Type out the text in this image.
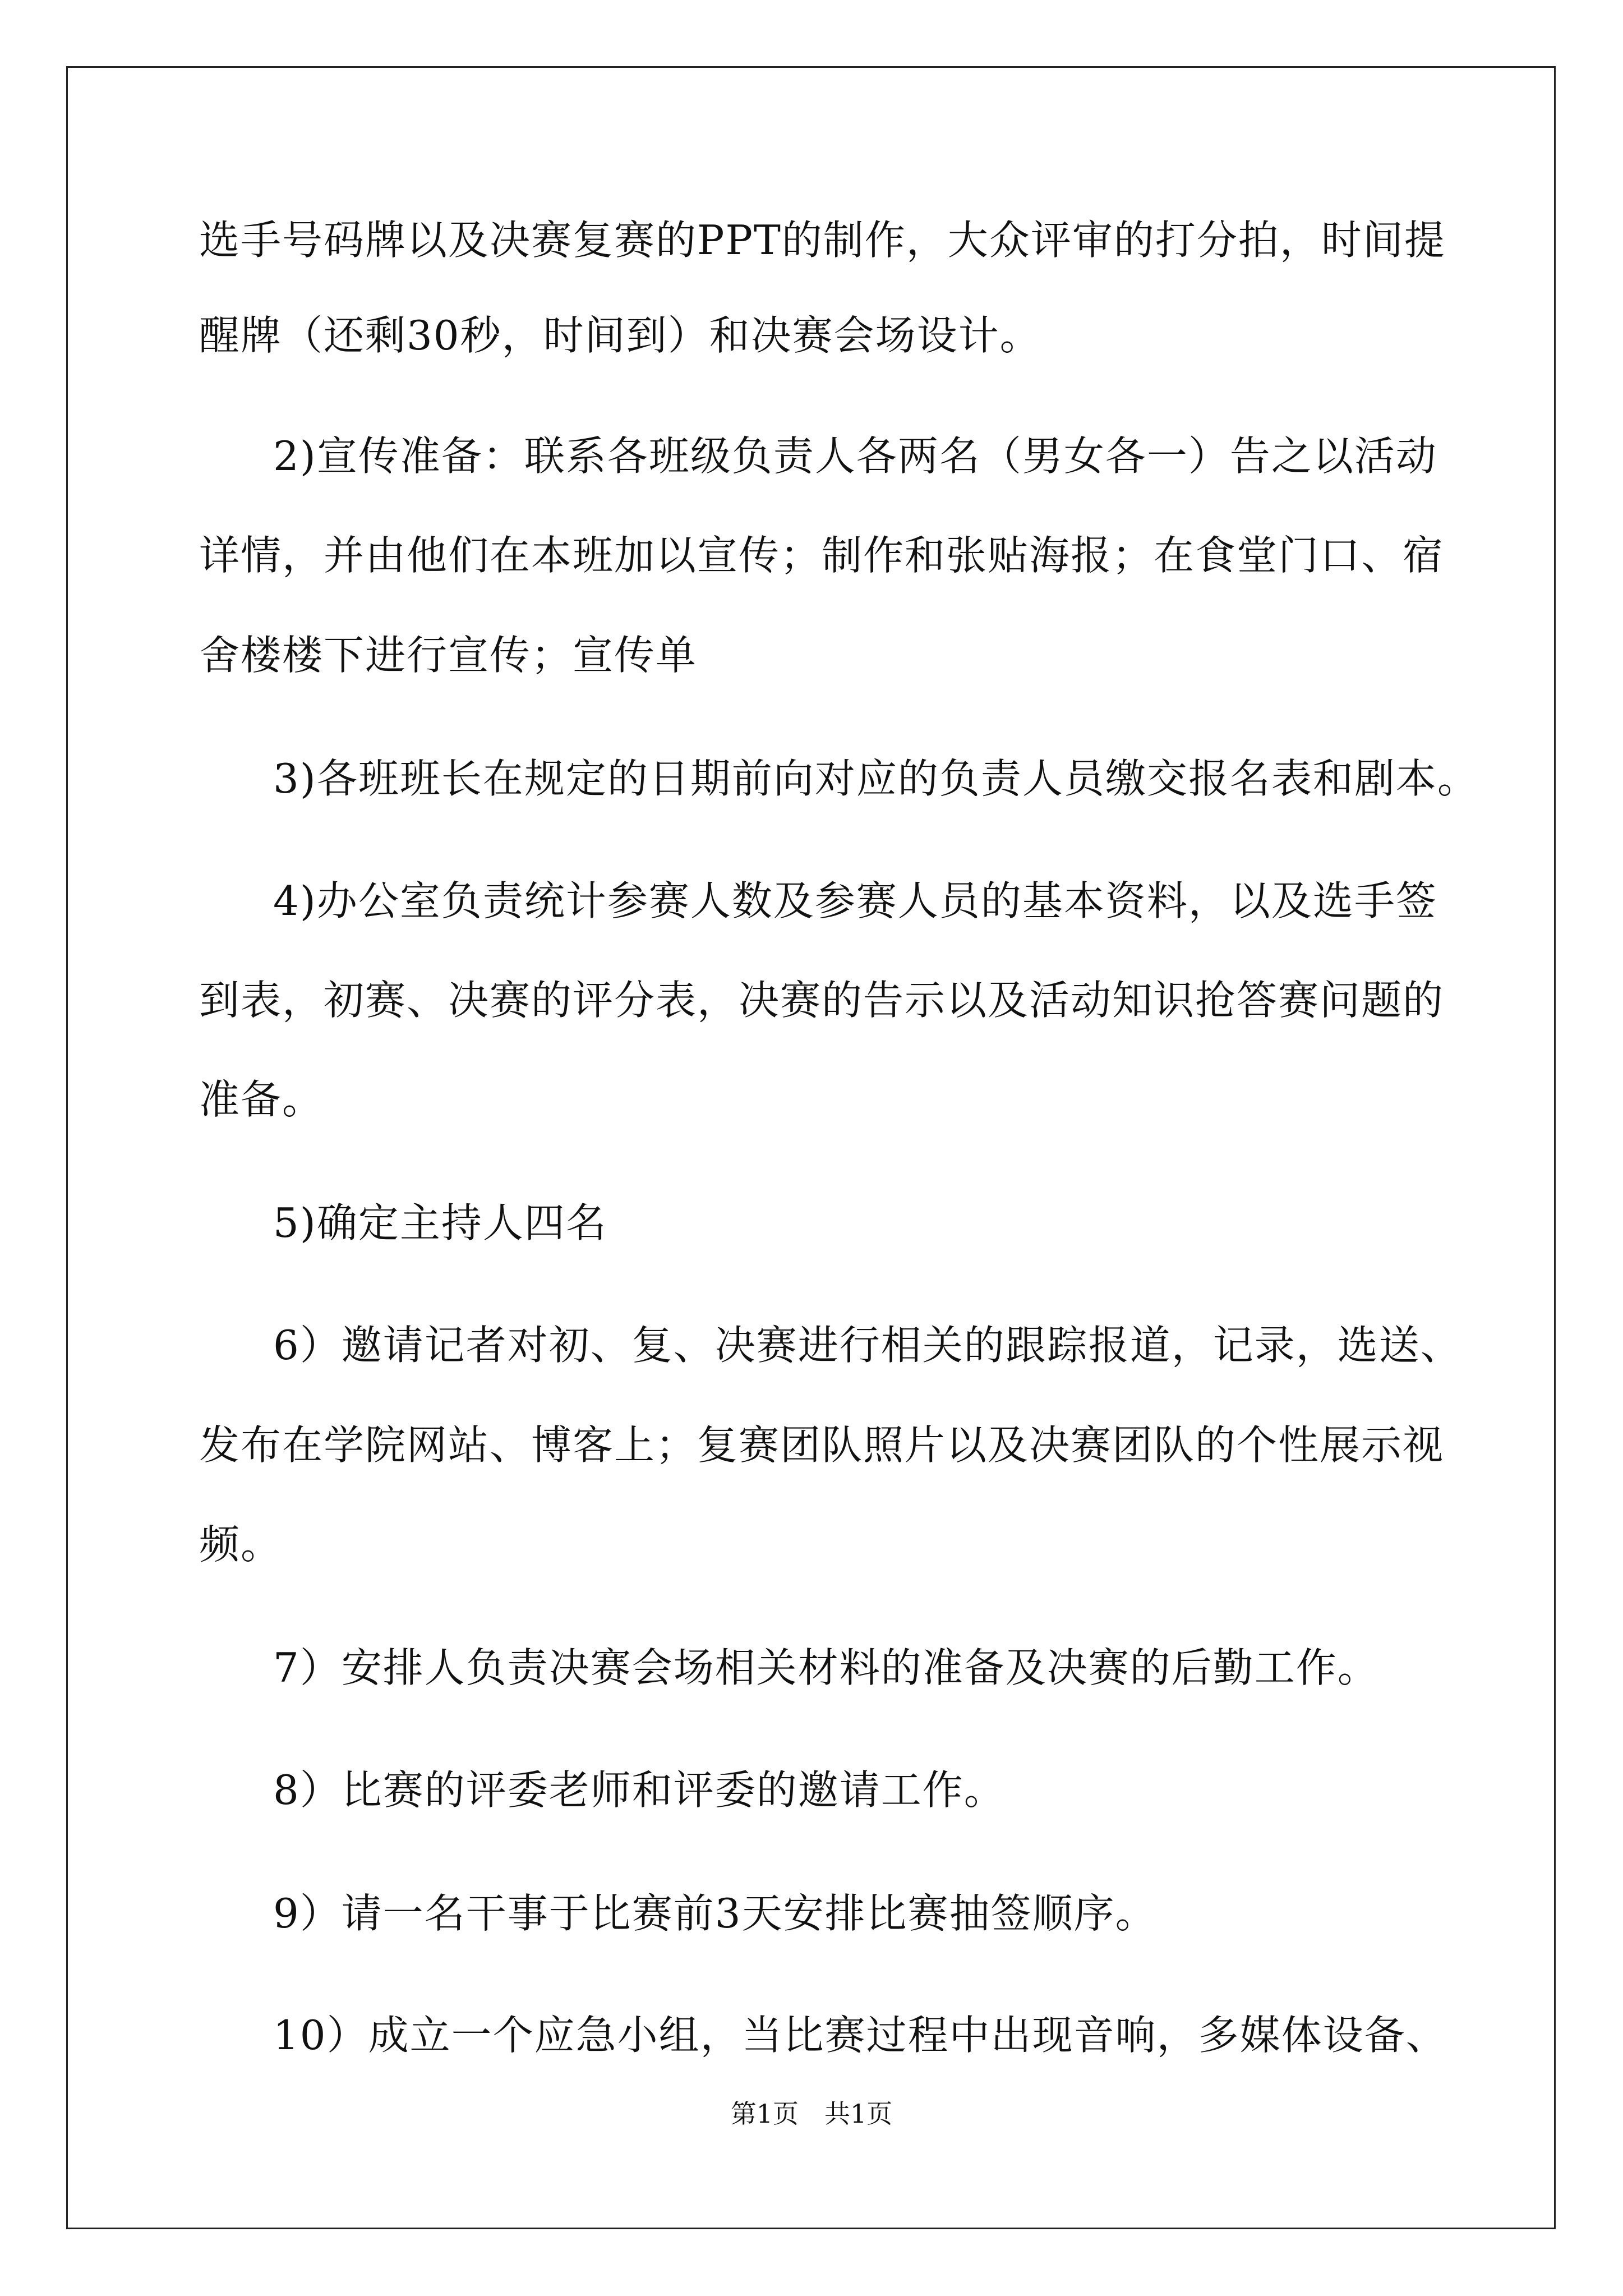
选手号码牌以及决赛复赛的PPT的制作，大众评审的打分拍，时间提
醒牌（还剩30秒，时间到）和决赛会场设计。
2)宣传准备：联系各班级负责人各两名（男女各一）告之以活动
详情，并由他们在本班加以宣传；制作和张贴海报；在食堂门口、宿
舍楼楼下进行宣传；宣传单
3)各班班长在规定的日期前向对应的负责人员缴交报名表和剧本。
4)办公室负责统计参赛人数及参赛人员的基本资料，以及选手签
到表，初赛、决赛的评分表，决赛的告示以及活动知识抢答赛问题的
准备。
5)确定主持人四名
6）邀请记者对初、复、决赛进行相关的跟踪报道，记录，选送、
发布在学院网站、博客上；复赛团队照片以及决赛团队的个性展示视
频。
7）安排人负责决赛会场相关材料的准备及决赛的后勤工作。
8）比赛的评委老师和评委的邀请工作。
9）请一名干事于比赛前3天安排比赛抽签顺序。
10）成立一个应急小组，当比赛过程中出现音响，多媒体设备、
第1页　共1页
